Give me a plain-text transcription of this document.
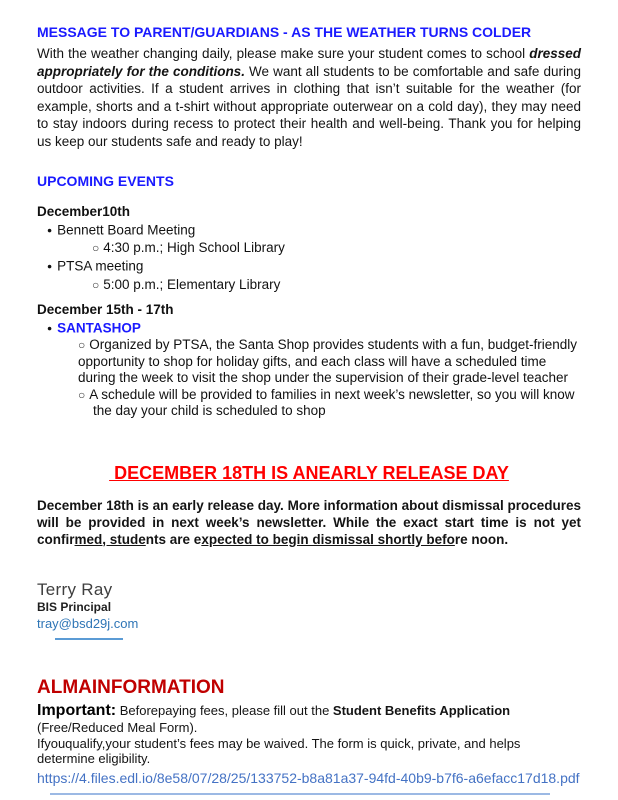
MESSAGE TO PARENT/GUARDIANS - AS THE WEATHER TURNS COLDER

With the weather changing daily, please make sure your student comes to school dressed appropriately for the conditions. We want all students to be comfortable and safe during outdoor activities. If a student arrives in clothing that isn’t suitable for the weather (for example, shorts and a t-shirt without appropriate outerwear on a cold day), they may need to stay indoors during recess to protect their health and well-being. Thank you for helping us keep our students safe and ready to play!

UPCOMING EVENTS
December10th
● Bennett Board Meeting
○ 4:30 p.m.; High School Library
● PTSA meeting
○ 5:00 p.m.; Elementary Library
December 15th - 17th
● SANTASHOP
○ Organized by PTSA, the Santa Shop provides students with a fun, budget-friendly opportunity to shop for holiday gifts, and each class will have a scheduled time during the week to visit the shop under the supervision of their grade-level teacher
○ A schedule will be provided to families in next week’s newsletter, so you will know the day your child is scheduled to shop
DECEMBER 18TH IS ANEARLY RELEASE DAY

December 18th is an early release day. More information about dismissal procedures will be provided in next week’s newsletter. While the exact start time is not yet confirmed, students are expected to begin dismissal shortly before noon.

Terry Ray
BIS Principal
tray@bsd29j.com
ALMAINFORMATION

Important: Beforepaying fees, please fill out the Student Benefits Application (Free/Reduced Meal Form).

Ifyouqualify,your student’s fees may be waived. The form is quick, private, and helps determine eligibility.

https://4.files.edl.io/8e58/07/28/25/133752-b8a81a37-94fd-40b9-b7f6-a6efacc17d18.pdf
